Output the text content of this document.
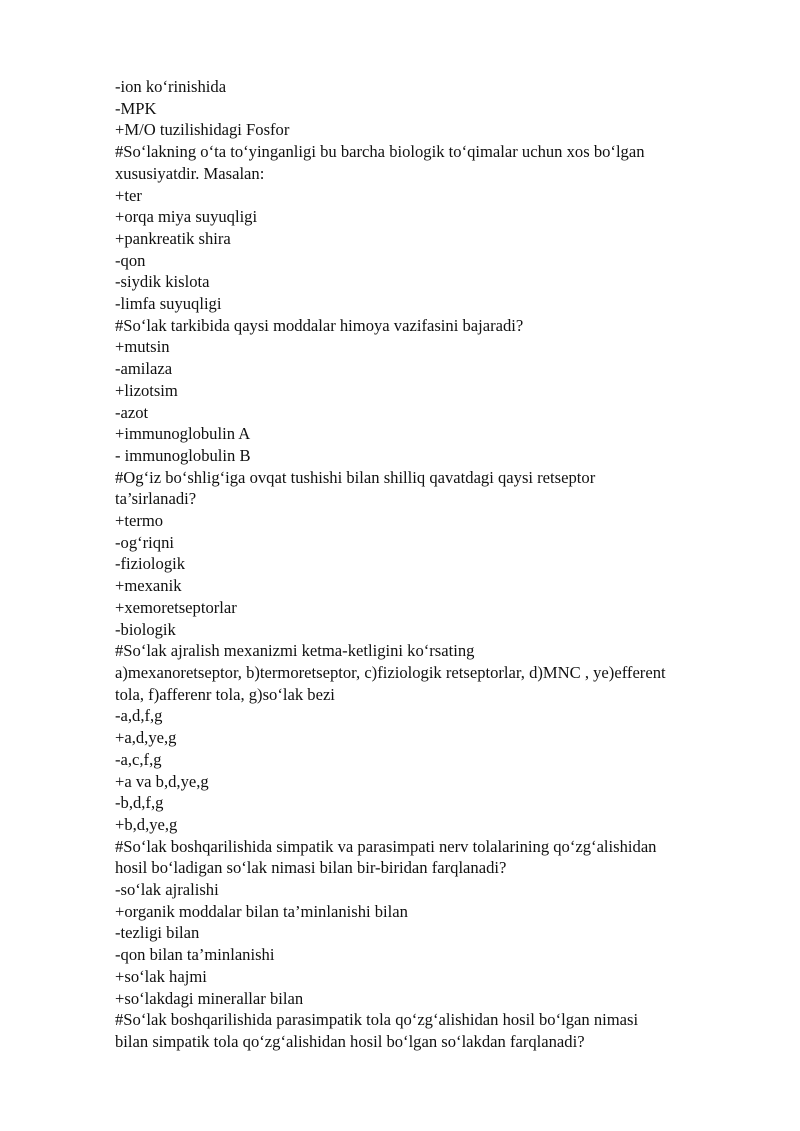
-ion ko‘rinishida
-MPK
+M/O tuzilishidagi Fosfor
#So‘lakning o‘ta to‘yinganligi bu barcha biologik to‘qimalar uchun xos bo‘lgan
xususiyatdir. Masalan:
+ter
+orqa miya suyuqligi
+pankreatik shira
-qon
-siydik kislota
-limfa suyuqligi
#So‘lak tarkibida qaysi moddalar himoya vazifasini bajaradi?
+mutsin
-amilaza
+lizotsim
-azot
+immunoglobulin A
- immunoglobulin B
#Og‘iz bo‘shlig‘iga ovqat tushishi bilan shilliq qavatdagi qaysi retseptor
ta’sirlanadi?
+termo
-og‘riqni
-fiziologik
+mexanik
+xemoretseptorlar
-biologik
#So‘lak ajralish mexanizmi ketma-ketligini ko‘rsating
a)mexanoretseptor, b)termoretseptor, c)fiziologik retseptorlar, d)MNC , ye)efferent
tola, f)afferenr tola, g)so‘lak bezi
-a,d,f,g
+a,d,ye,g
-a,c,f,g
+a va b,d,ye,g
-b,d,f,g
+b,d,ye,g
#So‘lak boshqarilishida simpatik va parasimpati nerv tolalarining qo‘zg‘alishidan
hosil bo‘ladigan so‘lak nimasi bilan bir-biridan farqlanadi?
-so‘lak ajralishi
+organik moddalar bilan ta’minlanishi bilan
-tezligi bilan
-qon bilan ta’minlanishi
+so‘lak hajmi
+so‘lakdagi minerallar bilan
#So‘lak boshqarilishida parasimpatik tola qo‘zg‘alishidan hosil bo‘lgan nimasi
bilan simpatik tola qo‘zg‘alishidan hosil bo‘lgan so‘lakdan farqlanadi?
